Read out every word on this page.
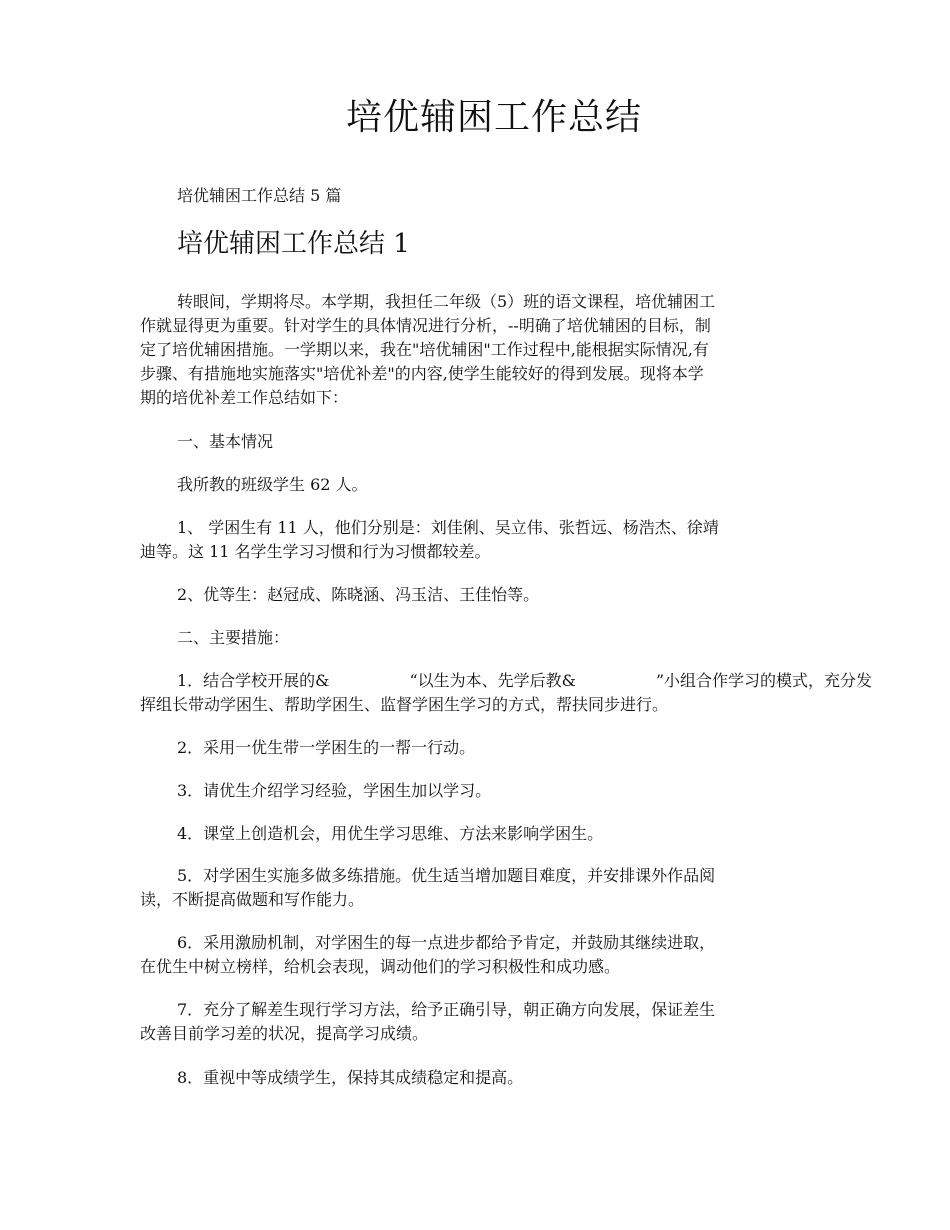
培优辅困工作总结
培优辅困工作总结 5 篇
培优辅困工作总结 1
转眼间，学期将尽。本学期，我担任二年级（5）班的语文课程，培优辅困工
作就显得更为重要。针对学生的具体情况进行分析，--明确了培优辅困的目标，制
定了培优辅困措施。一学期以来，我在"培优辅困"工作过程中,能根据实际情况,有
步骤、有措施地实施落实"培优补差"的内容,使学生能较好的得到发展。现将本学
期的培优补差工作总结如下：
一、基本情况
我所教的班级学生 62 人。
1、 学困生有 11 人，他们分别是：刘佳俐、吴立伟、张哲远、杨浩杰、徐靖
迪等。这 11 名学生学习习惯和行为习惯都较差。
2、优等生：赵冠成、陈晓涵、冯玉洁、王佳怡等。
二、主要措施：
1．结合学校开展的&	“以生为本、先学后教&	”小组合作学习的模式，充分发
挥组长带动学困生、帮助学困生、监督学困生学习的方式，帮扶同步进行。
2．采用一优生带一学困生的一帮一行动。
3．请优生介绍学习经验，学困生加以学习。
4．课堂上创造机会，用优生学习思维、方法来影响学困生。
5．对学困生实施多做多练措施。优生适当增加题目难度，并安排课外作品阅
读，不断提高做题和写作能力。
6．采用激励机制，对学困生的每一点进步都给予肯定，并鼓励其继续进取，
在优生中树立榜样，给机会表现，调动他们的学习积极性和成功感。
7．充分了解差生现行学习方法，给予正确引导，朝正确方向发展，保证差生
改善目前学习差的状况，提高学习成绩。
8．重视中等成绩学生，保持其成绩稳定和提高。
